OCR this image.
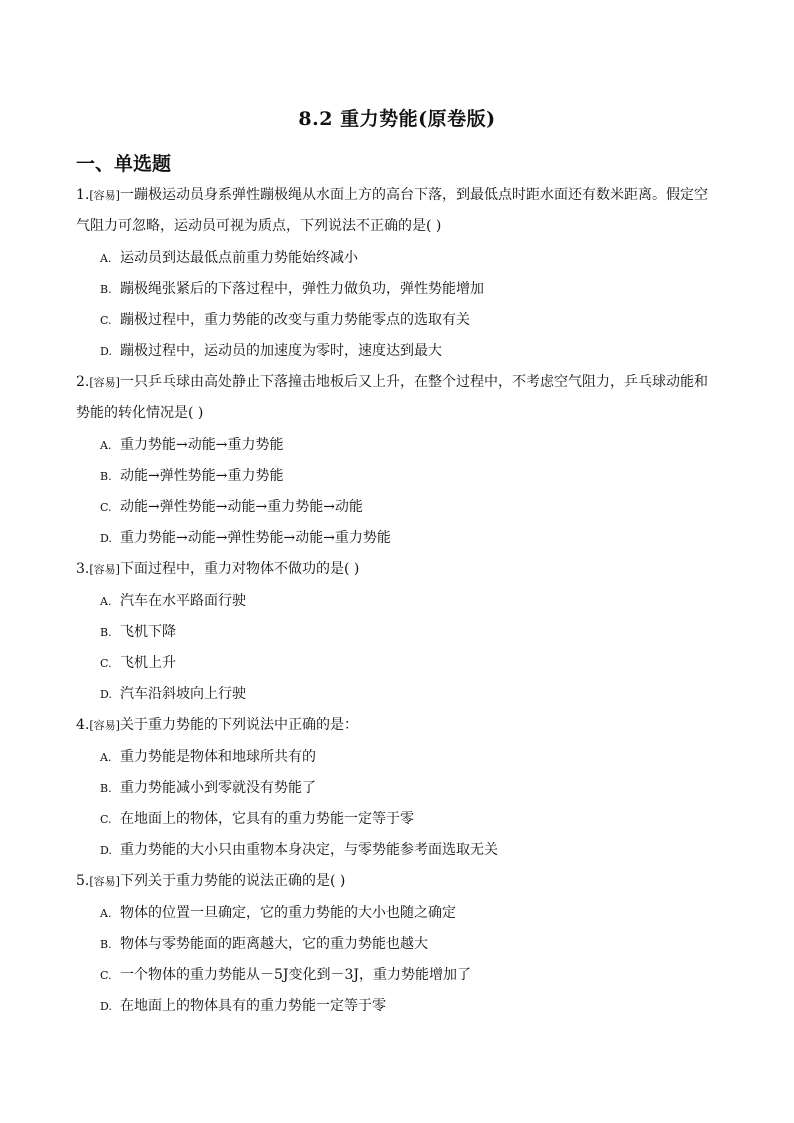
8.2 重力势能(原卷版)
一、单选题
1.[容易]一蹦极运动员身系弹性蹦极绳从水面上方的高台下落，到最低点时距水面还有数米距离。假定空气阻力可忽略，运动员可视为质点，下列说法不正确的是( )
A. 运动员到达最低点前重力势能始终减小
B. 蹦极绳张紧后的下落过程中，弹性力做负功，弹性势能增加
C. 蹦极过程中，重力势能的改变与重力势能零点的选取有关
D. 蹦极过程中，运动员的加速度为零时，速度达到最大
2.[容易]一只乒乓球由高处静止下落撞击地板后又上升，在整个过程中，不考虑空气阻力，乒乓球动能和势能的转化情况是( )
A. 重力势能→动能→重力势能
B. 动能→弹性势能→重力势能
C. 动能→弹性势能→动能→重力势能→动能
D. 重力势能→动能→弹性势能→动能→重力势能
3.[容易]下面过程中，重力对物体不做功的是( )
A. 汽车在水平路面行驶
B. 飞机下降
C. 飞机上升
D. 汽车沿斜坡向上行驶
4.[容易]关于重力势能的下列说法中正确的是：
A. 重力势能是物体和地球所共有的
B. 重力势能减小到零就没有势能了
C. 在地面上的物体，它具有的重力势能一定等于零
D. 重力势能的大小只由重物本身决定，与零势能参考面选取无关
5.[容易]下列关于重力势能的说法正确的是( )
A. 物体的位置一旦确定，它的重力势能的大小也随之确定
B. 物体与零势能面的距离越大，它的重力势能也越大
C. 一个物体的重力势能从－5J变化到－3J，重力势能增加了
D. 在地面上的物体具有的重力势能一定等于零
